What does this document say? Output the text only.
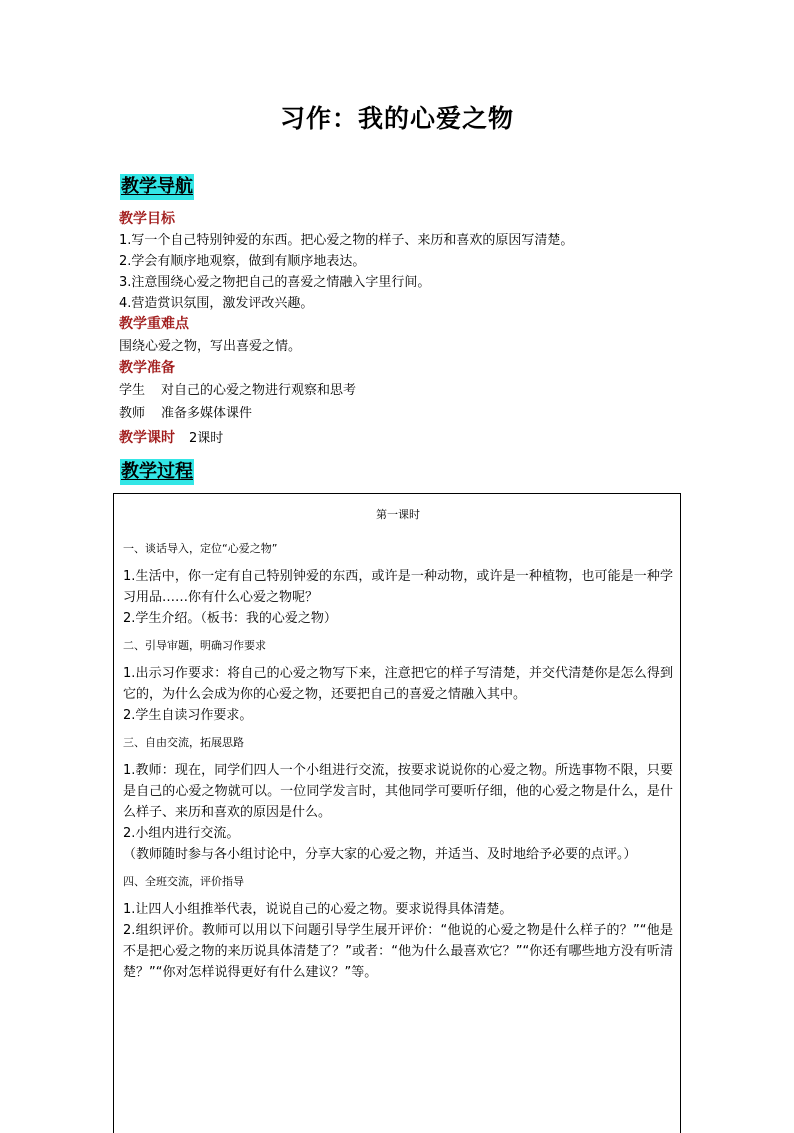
习作：我的心爱之物
教学导航
教学目标
1.写一个自己特别钟爱的东西。把心爱之物的样子、来历和喜欢的原因写清楚。
2.学会有顺序地观察，做到有顺序地表达。
3.注意围绕心爱之物把自己的喜爱之情融入字里行间。
4.营造赏识氛围，激发评改兴趣。
教学重难点
围绕心爱之物，写出喜爱之情。
教学准备
学生 对自己的心爱之物进行观察和思考
教师 准备多媒体课件
教学课时 2课时
教学过程
第一课时
一、谈话导入，定位“心爱之物”

1.生活中，你一定有自己特别钟爱的东西，或许是一种动物，或许是一种植物，也可能是一种学习用品……你有什么心爱之物呢？

2.学生介绍。（板书：我的心爱之物）

二、引导审题，明确习作要求

1.出示习作要求：将自己的心爱之物写下来，注意把它的样子写清楚，并交代清楚你是怎么得到它的，为什么会成为你的心爱之物，还要把自己的喜爱之情融入其中。

2.学生自读习作要求。

三、自由交流，拓展思路

1.教师：现在，同学们四人一个小组进行交流，按要求说说你的心爱之物。所选事物不限，只要是自己的心爱之物就可以。一位同学发言时，其他同学可要听仔细，他的心爱之物是什么，是什么样子、来历和喜欢的原因是什么。

2.小组内进行交流。

（教师随时参与各小组讨论中，分享大家的心爱之物，并适当、及时地给予必要的点评。）

四、全班交流，评价指导

1.让四人小组推举代表，说说自己的心爱之物。要求说得具体清楚。

2.组织评价。教师可以用以下问题引导学生展开评价：“他说的心爱之物是什么样子的？”“他是不是把心爱之物的来历说具体清楚了？”或者：“他为什么最喜欢它？”“你还有哪些地方没有听清楚？”“你对怎样说得更好有什么建议？”等。
